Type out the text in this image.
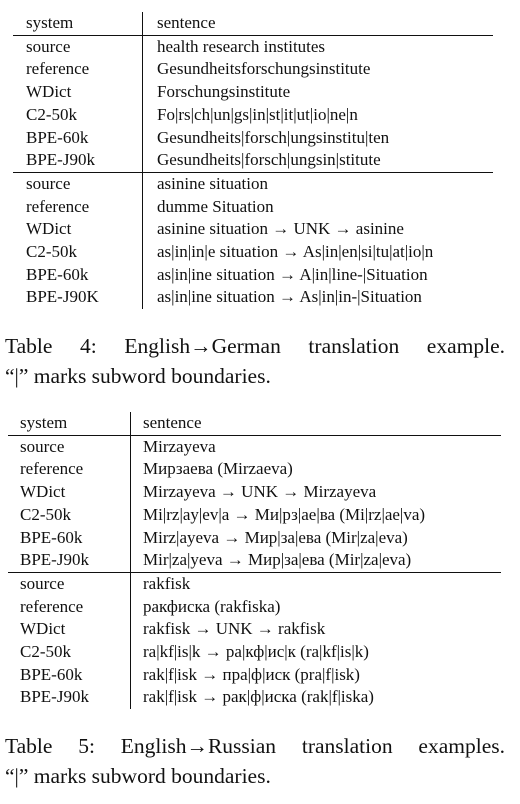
system	sentence
source	health research institutes
reference	Gesundheitsforschungsinstitute
WDict	Forschungsinstitute
C2-50k	Fo|rs|ch|un|gs|in|st|it|ut|io|ne|n
BPE-60k	Gesundheits|forsch|ungsinstitu|ten
BPE-J90k	Gesundheits|forsch|ungsin|stitute
source	asinine situation
reference	dumme Situation
WDict	asinine situation → UNK → asinine
C2-50k	as|in|in|e situation → As|in|en|si|tu|at|io|n
BPE-60k	as|in|ine situation → A|in|line-|Situation
BPE-J90K	as|in|ine situation → As|in|in-|Situation
Table 4: English→German translation example.
“|” marks subword boundaries.
system	sentence
source	Mirzayeva
reference	Мирзаева (Mirzaeva)
WDict	Mirzayeva → UNK → Mirzayeva
C2-50k	Mi|rz|ay|ev|a → Ми|рз|ае|ва (Mi|rz|ae|va)
BPE-60k	Mirz|ayeva → Мир|за|ева (Mir|za|eva)
BPE-J90k	Mir|za|yeva → Мир|за|ева (Mir|za|eva)
source	rakfisk
reference	ракфиска (rakfiska)
WDict	rakfisk → UNK → rakfisk
C2-50k	ra|kf|is|k → ра|кф|ис|к (ra|kf|is|k)
BPE-60k	rak|f|isk → пра|ф|иск (pra|f|isk)
BPE-J90k	rak|f|isk → рак|ф|иска (rak|f|iska)
Table 5: English→Russian translation examples.
“|” marks subword boundaries.
